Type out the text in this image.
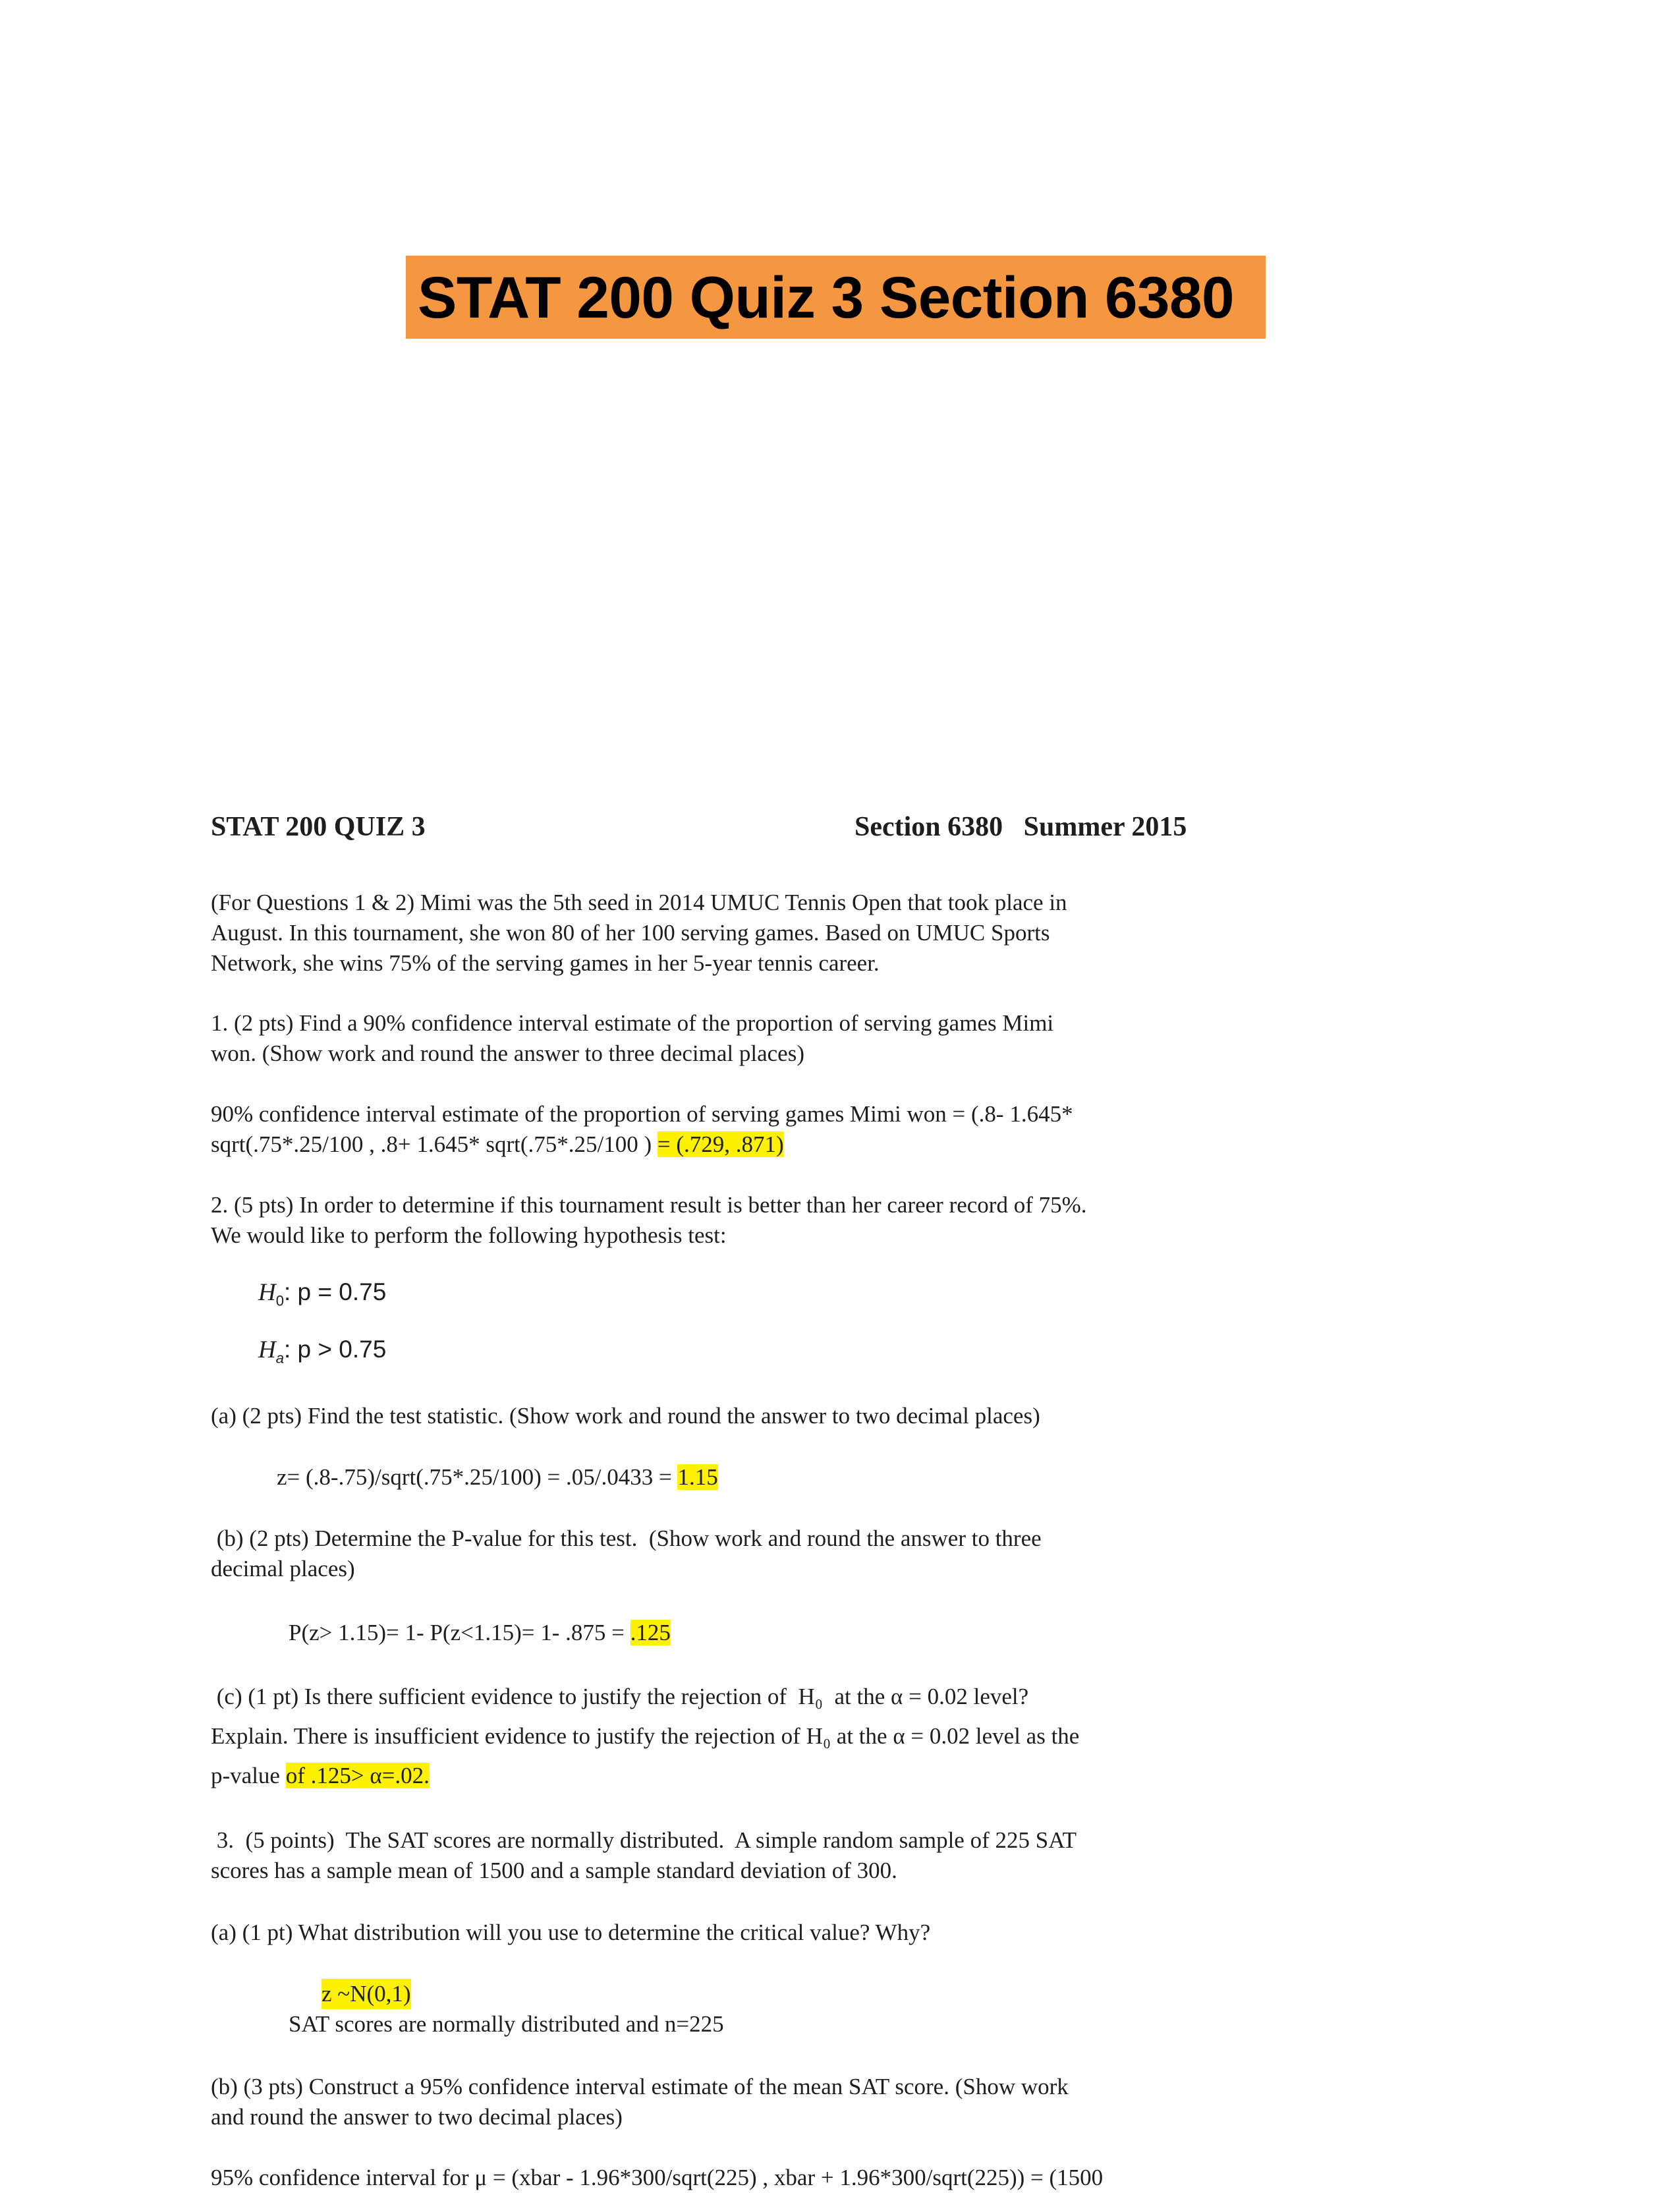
STAT 200 Quiz 3 Section 6380
STAT 200 QUIZ 3	Section 6380   Summer 2015
(For Questions 1 & 2) Mimi was the 5th seed in 2014 UMUC Tennis Open that took place in
August. In this tournament, she won 80 of her 100 serving games. Based on UMUC Sports
Network, she wins 75% of the serving games in her 5-year tennis career.
1. (2 pts) Find a 90% confidence interval estimate of the proportion of serving games Mimi
won. (Show work and round the answer to three decimal places)
90% confidence interval estimate of the proportion of serving games Mimi won = (.8- 1.645*
sqrt(.75*.25/100 , .8+ 1.645* sqrt(.75*.25/100 ) = (.729, .871)
2. (5 pts) In order to determine if this tournament result is better than her career record of 75%.
We would like to perform the following hypothesis test:
$H_0$: p = 0.75
$H_a$: p > 0.75
(a) (2 pts) Find the test statistic. (Show work and round the answer to two decimal places)
z= (.8-.75)/sqrt(.75*.25/100) = .05/.0433 = 1.15
(b) (2 pts) Determine the P-value for this test.  (Show work and round the answer to three
decimal places)
P(z> 1.15)= 1- P(z<1.15)= 1- .875 = .125
(c) (1 pt) Is there sufficient evidence to justify the rejection of  H₀  at the α = 0.02 level?
Explain. There is insufficient evidence to justify the rejection of H₀ at the α = 0.02 level as the
p-value of .125> α=.02.
3.  (5 points)  The SAT scores are normally distributed.  A simple random sample of 225 SAT
scores has a sample mean of 1500 and a sample standard deviation of 300.
(a) (1 pt) What distribution will you use to determine the critical value? Why?
z ~N(0,1)
SAT scores are normally distributed and n=225
(b) (3 pts) Construct a 95% confidence interval estimate of the mean SAT score. (Show work
and round the answer to two decimal places)
95% confidence interval for μ = (xbar - 1.96*300/sqrt(225) , xbar + 1.96*300/sqrt(225)) = (1500
